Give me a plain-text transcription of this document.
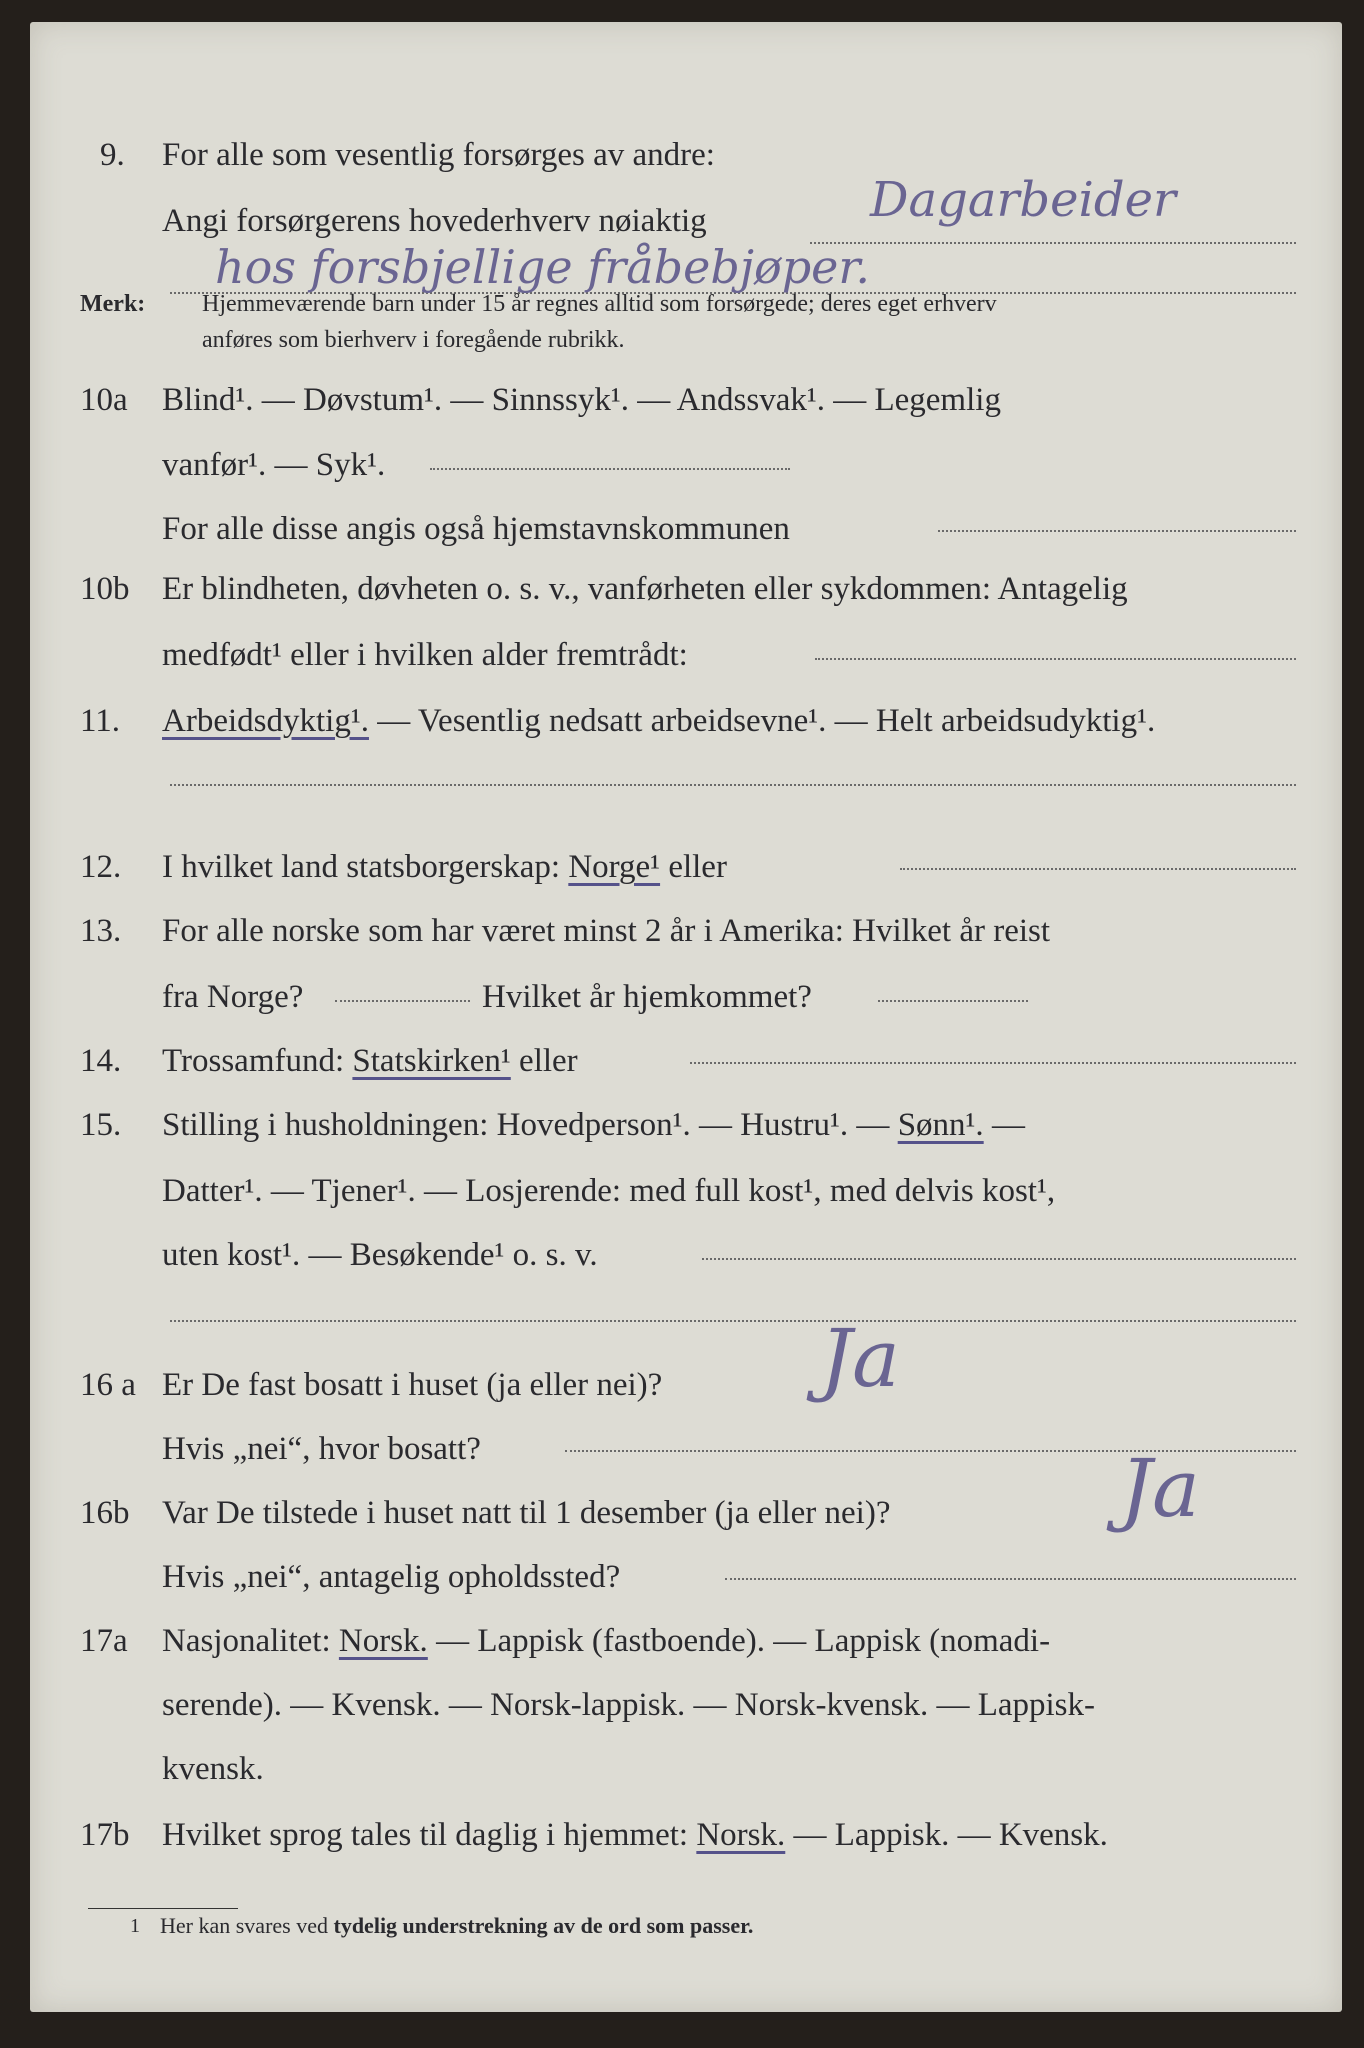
9.	For alle som vesentlig forsørges av andre:
Angi forsørgerens hovederhverv nøiaktig	Dagarbeider
hos forsbjellige fråbebjøper.
Merk: Hjemmeværende barn under 15 år regnes alltid som forsørgede; deres eget erhverv
anføres som bierhverv i foregående rubrikk.
10a	Blind¹. — Døvstum¹. — Sinnssyk¹. — Andssvak¹. — Legemlig
vanfør¹. — Syk¹.
For alle disse angis også hjemstavnskommunen
10b Er blindheten, døvheten o. s. v., vanførheten eller sykdommen: Antagelig
medfødt¹ eller i hvilken alder fremtrådt:
11.	Arbeidsdyktig¹. — Vesentlig nedsatt arbeidsevne¹. — Helt arbeidsudyktig¹.
12.	I hvilket land statsborgerskap: Norge¹ eller
13.	For alle norske som har været minst 2 år i Amerika: Hvilket år reist
fra Norge?	Hvilket år hjemkommet?
14.	Trossamfund: Statskirken¹ eller
15.	Stilling i husholdningen: Hovedperson¹. — Hustru¹. — Sønn¹. —
Datter¹. — Tjener¹. — Losjerende: med full kost¹, med delvis kost¹,
uten kost¹. — Besøkende¹ o. s. v.
16 a Er De fast bosatt i huset (ja eller nei)? Ja
Hvis „nei“, hvor bosatt?
16b Var De tilstede i huset natt til 1 desember (ja eller nei)?	Ja
Hvis „nei“, antagelig opholdssted?
17a	Nasjonalitet: Norsk. — Lappisk (fastboende). — Lappisk (nomadi-
serende). — Kvensk. — Norsk-lappisk. — Norsk-kvensk. — Lappisk-
kvensk.
17b Hvilket sprog tales til daglig i hjemmet: Norsk. — Lappisk. — Kvensk.
1 Her kan svares ved tydelig understrekning av de ord som passer.
